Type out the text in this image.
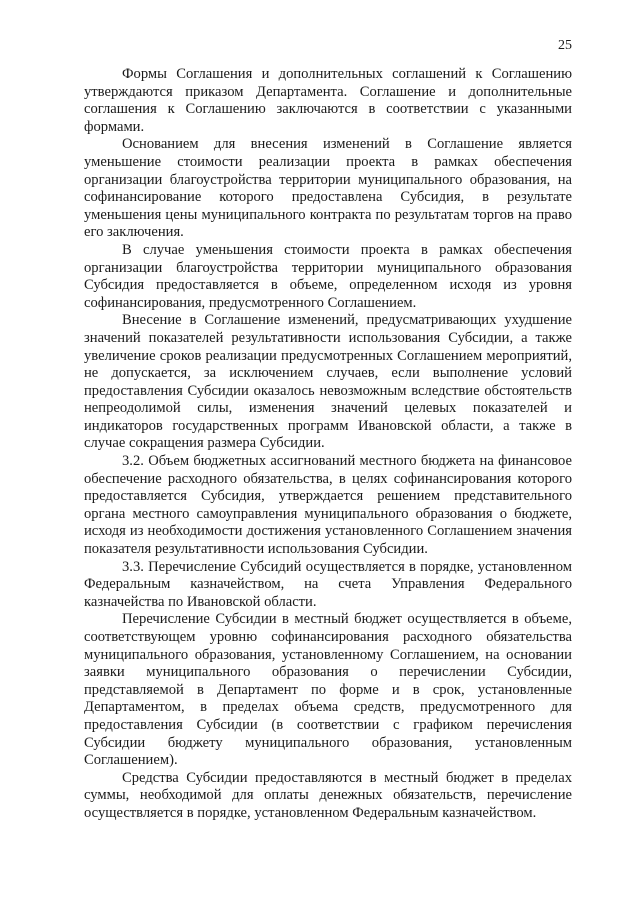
25

Формы Соглашения и дополнительных соглашений к Соглашению утверждаются приказом Департамента. Соглашение и дополнительные соглашения к Соглашению заключаются в соответствии с указанными формами.

Основанием для внесения изменений в Соглашение является уменьшение стоимости реализации проекта в рамках обеспечения организации благоустройства территории муниципального образования, на софинансирование которого предоставлена Субсидия, в результате уменьшения цены муниципального контракта по результатам торгов на право его заключения.

В случае уменьшения стоимости проекта в рамках обеспечения организации благоустройства территории муниципального образования Субсидия предоставляется в объеме, определенном исходя из уровня софинансирования, предусмотренного Соглашением.

Внесение в Соглашение изменений, предусматривающих ухудшение значений показателей результативности использования Субсидии, а также увеличение сроков реализации предусмотренных Соглашением мероприятий, не допускается, за исключением случаев, если выполнение условий предоставления Субсидии оказалось невозможным вследствие обстоятельств непреодолимой силы, изменения значений целевых показателей и индикаторов государственных программ Ивановской области, а также в случае сокращения размера Субсидии.

3.2. Объем бюджетных ассигнований местного бюджета на финансовое обеспечение расходного обязательства, в целях софинансирования которого предоставляется Субсидия, утверждается решением представительного органа местного самоуправления муниципального образования о бюджете, исходя из необходимости достижения установленного Соглашением значения показателя результативности использования Субсидии.

3.3. Перечисление Субсидий осуществляется в порядке, установленном Федеральным казначейством, на счета Управления Федерального казначейства по Ивановской области.

Перечисление Субсидии в местный бюджет осуществляется в объеме, соответствующем уровню софинансирования расходного обязательства муниципального образования, установленному Соглашением, на основании заявки муниципального образования о перечислении Субсидии, представляемой в Департамент по форме и в срок, установленные Департаментом, в пределах объема средств, предусмотренного для предоставления Субсидии (в соответствии с графиком перечисления Субсидии бюджету муниципального образования, установленным Соглашением).

Средства Субсидии предоставляются в местный бюджет в пределах суммы, необходимой для оплаты денежных обязательств, перечисление осуществляется в порядке, установленном Федеральным казначейством.
